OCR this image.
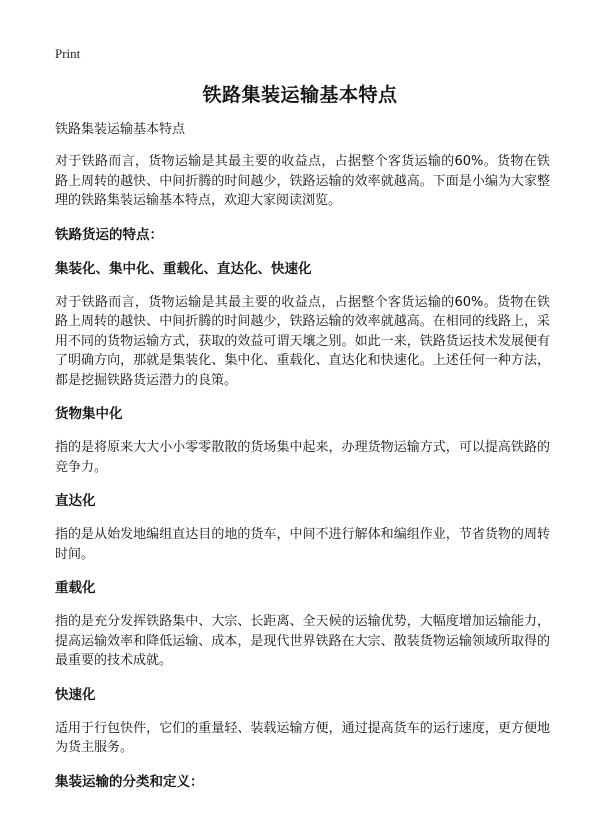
Print
铁路集装运输基本特点

铁路集装运输基本特点

对于铁路而言，货物运输是其最主要的收益点，占据整个客货运输的60%。货物在铁路上周转的越快、中间折腾的时间越少，铁路运输的效率就越高。下面是小编为大家整理的铁路集装运输基本特点，欢迎大家阅读浏览。

铁路货运的特点：

集装化、集中化、重载化、直达化、快速化

对于铁路而言，货物运输是其最主要的收益点，占据整个客货运输的60%。货物在铁路上周转的越快、中间折腾的时间越少，铁路运输的效率就越高。在相同的线路上，采用不同的货物运输方式，获取的效益可谓天壤之别。如此一来，铁路货运技术发展便有了明确方向，那就是集装化、集中化、重载化、直达化和快速化。上述任何一种方法，都是挖掘铁路货运潜力的良策。

货物集中化

指的是将原来大大小小零零散散的货场集中起来，办理货物运输方式，可以提高铁路的竞争力。

直达化

指的是从始发地编组直达目的地的货车，中间不进行解体和编组作业，节省货物的周转时间。

重载化

指的是充分发挥铁路集中、大宗、长距离、全天候的运输优势，大幅度增加运输能力，提高运输效率和降低运输、成本，是现代世界铁路在大宗、散装货物运输领域所取得的最重要的技术成就。

快速化

适用于行包快件，它们的重量轻、装载运输方便，通过提高货车的运行速度，更方便地为货主服务。

集装运输的分类和定义：
